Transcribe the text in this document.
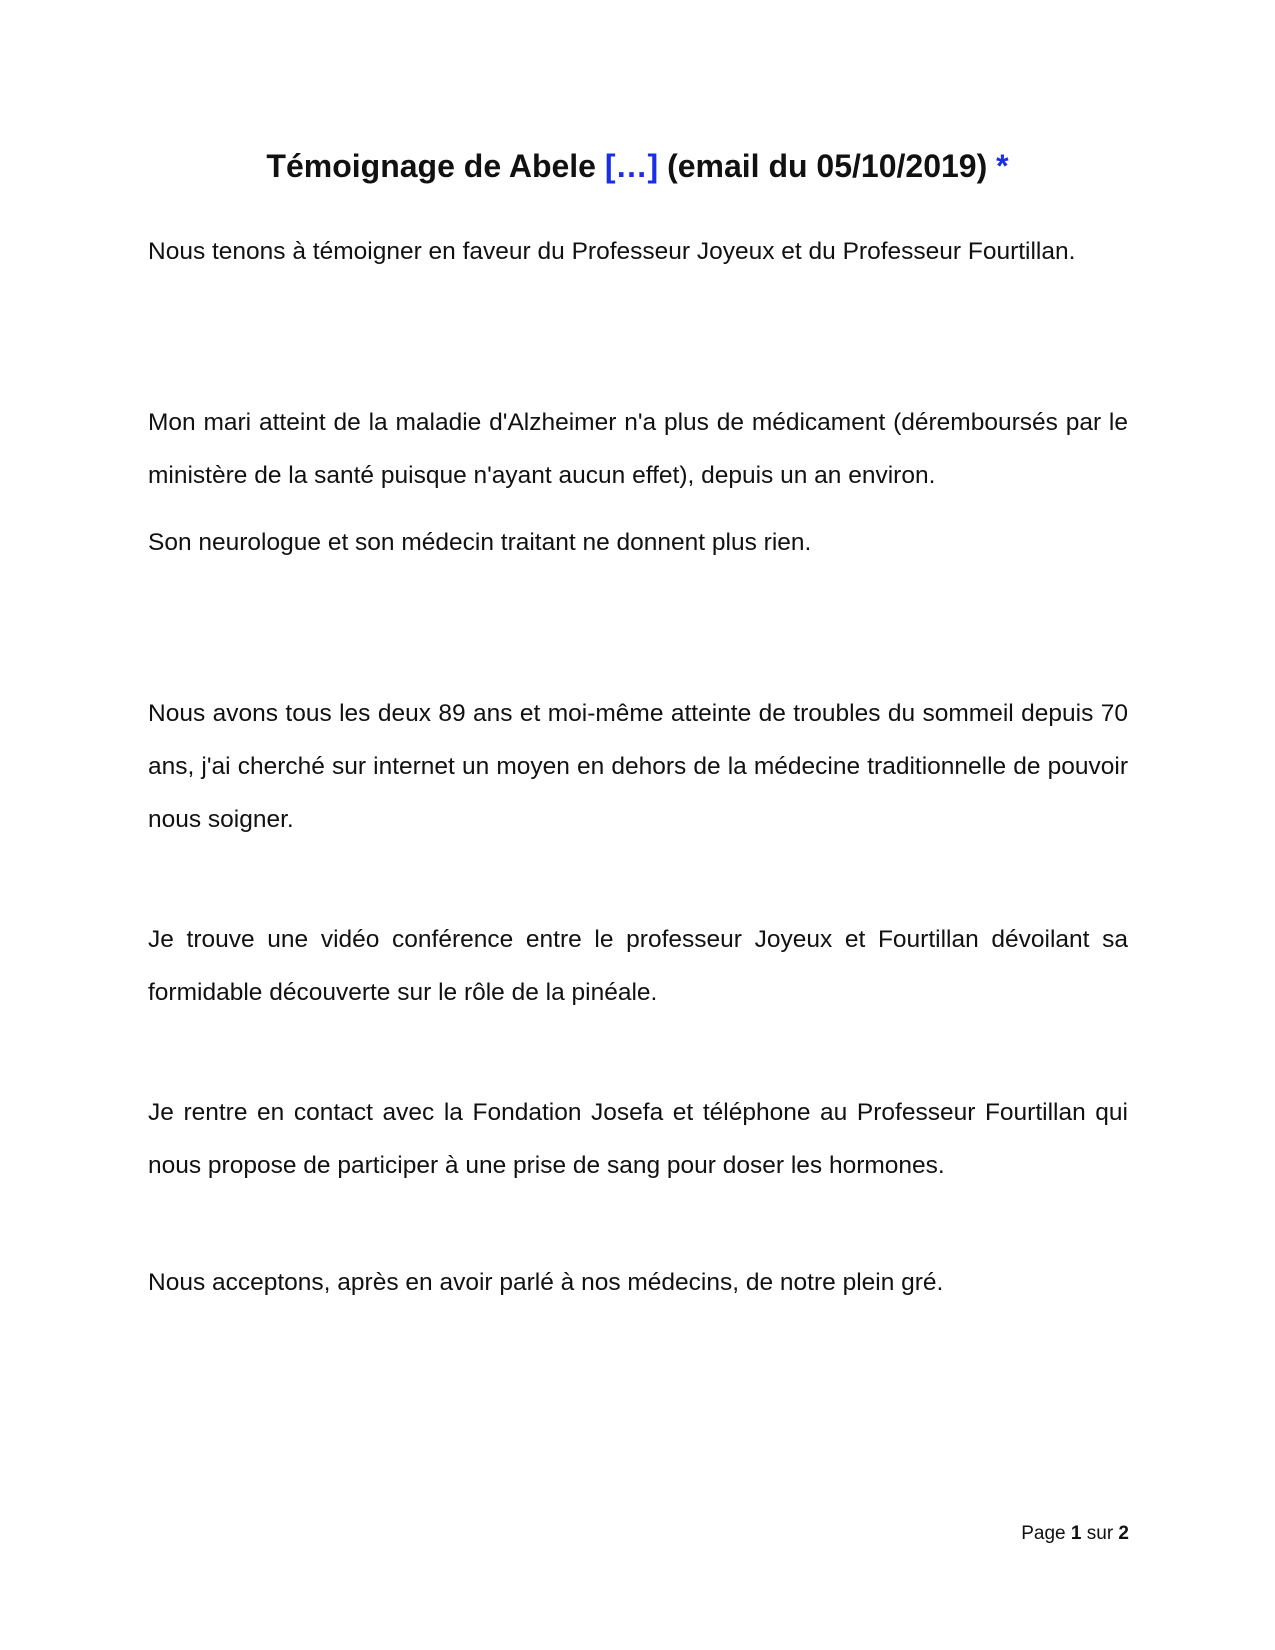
Témoignage de Abele […] (email du 05/10/2019) *

Nous tenons à témoigner en faveur du Professeur Joyeux et du Professeur Fourtillan.

Mon mari atteint de la maladie d'Alzheimer n'a plus de médicament (déremboursés par le ministère de la santé puisque n'ayant aucun effet), depuis un an environ.

Son neurologue et son médecin traitant ne donnent plus rien.

Nous avons tous les deux 89 ans et moi-même atteinte de troubles du sommeil depuis 70 ans, j'ai cherché sur internet un moyen en dehors de la médecine traditionnelle de pouvoir nous soigner.

Je trouve une vidéo conférence entre le professeur Joyeux et Fourtillan dévoilant sa formidable découverte sur le rôle de la pinéale.

Je rentre en contact avec la Fondation Josefa et téléphone au Professeur Fourtillan qui nous propose de participer à une prise de sang pour doser les hormones.

Nous acceptons, après en avoir parlé à nos médecins, de notre plein gré.

Page 1 sur 2
